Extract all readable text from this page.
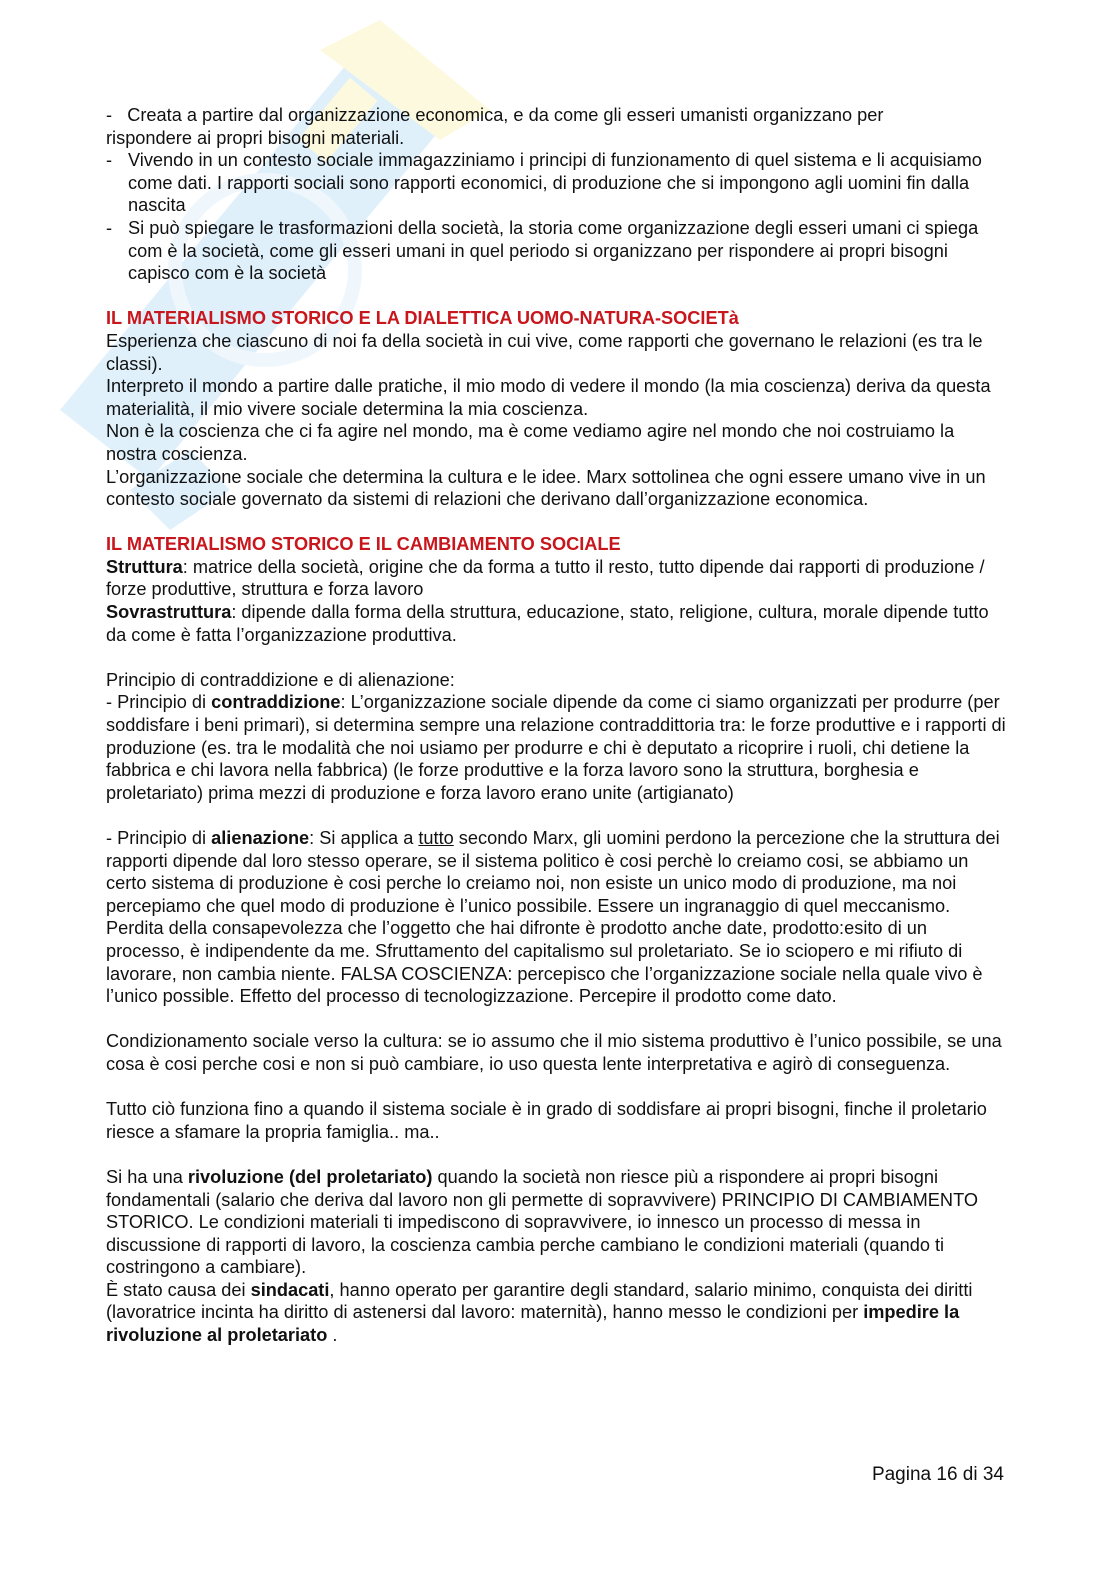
-   Creata a partire dal organizzazione economica, e da come gli esseri umanisti organizzano per

rispondere ai propri bisogni materiali.

- Vivendo in un contesto sociale immagazziniamo i principi di funzionamento di quel sistema e li acquisiamo come dati. I rapporti sociali sono rapporti economici, di produzione che si impongono agli uomini fin dalla nascita
- Si può spiegare le trasformazioni della società, la storia come organizzazione degli esseri umani ci spiega com è la società, come gli esseri umani in quel periodo si organizzano per rispondere ai propri bisogni capisco com è la società

IL MATERIALISMO STORICO E LA DIALETTICA UOMO-NATURA-SOCIETà

Esperienza che ciascuno di noi fa della società in cui vive, come rapporti che governano le relazioni (es tra le classi).

Interpreto il mondo a partire dalle pratiche, il mio modo di vedere il mondo (la mia coscienza) deriva da questa materialità, il mio vivere sociale determina la mia coscienza.

Non è la coscienza che ci fa agire nel mondo, ma è come vediamo agire nel mondo che noi costruiamo la nostra coscienza.

L’organizzazione sociale che determina la cultura e le idee. Marx sottolinea che ogni essere umano vive in un contesto sociale governato da sistemi di relazioni che derivano dall’organizzazione economica.

IL MATERIALISMO STORICO E IL CAMBIAMENTO SOCIALE

Struttura: matrice della società, origine che da forma a tutto il resto, tutto dipende dai rapporti di produzione / forze produttive, struttura e forza lavoro

Sovrastruttura: dipende dalla forma della struttura, educazione, stato, religione, cultura, morale dipende tutto da come è fatta l’organizzazione produttiva.

Principio di contraddizione e di alienazione:

- Principio di contraddizione: L’organizzazione sociale dipende da come ci siamo organizzati per produrre (per soddisfare i beni primari), si determina sempre una relazione contraddittoria tra: le forze produttive e i rapporti di produzione (es. tra le modalità che noi usiamo per produrre e chi è deputato a ricoprire i ruoli, chi detiene la fabbrica e chi lavora nella fabbrica) (le forze produttive e la forza lavoro sono la struttura, borghesia e proletariato) prima mezzi di produzione e forza lavoro erano unite (artigianato)

- Principio di alienazione: Si applica a tutto secondo Marx, gli uomini perdono la percezione che la struttura dei rapporti dipende dal loro stesso operare, se il sistema politico è cosi perchè lo creiamo cosi, se abbiamo un certo sistema di produzione è cosi perche lo creiamo noi, non esiste un unico modo di produzione, ma noi percepiamo che quel modo di produzione è l’unico possibile. Essere un ingranaggio di quel meccanismo.

Perdita della consapevolezza che l’oggetto che hai difronte è prodotto anche date, prodotto:esito di un processo, è indipendente da me. Sfruttamento del capitalismo sul proletariato. Se io sciopero e mi rifiuto di lavorare, non cambia niente. FALSA COSCIENZA: percepisco che l’organizzazione sociale nella quale vivo è l’unico possible. Effetto del processo di tecnologizzazione. Percepire il prodotto come dato.

Condizionamento sociale verso la cultura: se io assumo che il mio sistema produttivo è l’unico possibile, se una cosa è cosi perche cosi e non si può cambiare, io uso questa lente interpretativa e agirò di conseguenza.

Tutto ciò funziona fino a quando il sistema sociale è in grado di soddisfare ai propri bisogni, finche il proletario riesce a sfamare la propria famiglia.. ma..

Si ha una rivoluzione (del proletariato) quando la società non riesce più a rispondere ai propri bisogni fondamentali (salario che deriva dal lavoro non gli permette di sopravvivere) PRINCIPIO DI CAMBIAMENTO STORICO. Le condizioni materiali ti impediscono di sopravvivere, io innesco un processo di messa in discussione di rapporti di lavoro, la coscienza cambia perche cambiano le condizioni materiali (quando ti costringono a cambiare).

È stato causa dei sindacati, hanno operato per garantire degli standard, salario minimo, conquista dei diritti (lavoratrice incinta ha diritto di astenersi dal lavoro: maternità), hanno messo le condizioni per impedire la rivoluzione al proletariato .

Pagina 16 di 34
